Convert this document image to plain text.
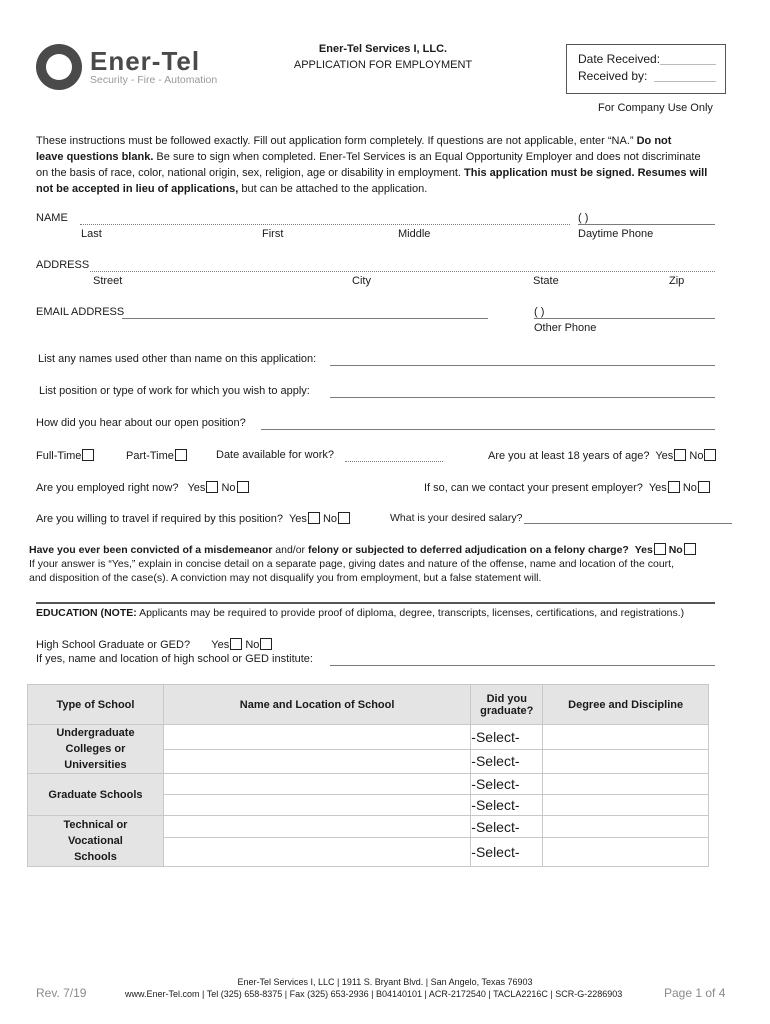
Ener-Tel
Security - Fire - Automation
Ener-Tel Services I, LLC.
APPLICATION FOR EMPLOYMENT	Date Received:
Received by:
For Company Use Only
These instructions must be followed exactly. Fill out application form completely. If questions are not applicable, enter “NA.” Do not
leave questions blank. Be sure to sign when completed. Ener-Tel Services is an Equal Opportunity Employer and does not discriminate
on the basis of race, color, national origin, sex, religion, age or disability in employment. This application must be signed. Resumes will
not be accepted in lieu of applications, but can be attached to the application.
NAME	( )
Last	First	Middle	Daytime Phone
ADDRESS
Street	City	State	Zip
EMAIL ADDRESS	( )
Other Phone
List any names used other than name on this application:
List position or type of work for which you wish to apply:
How did you hear about our open position?
Full-Time	Part-Time	Date available for work?	Are you at least 18 years of age? Yes No
Are you employed right now? Yes No	If so, can we contact your present employer? Yes No
Are you willing to travel if required by this position? Yes No	What is your desired salary?
Have you ever been convicted of a misdemeanor and/or felony or subjected to deferred adjudication on a felony charge? Yes No
If your answer is “Yes,” explain in concise detail on a separate page, giving dates and nature of the offense, name and location of the court,
and disposition of the case(s). A conviction may not disqualify you from employment, but a false statement will.
EDUCATION (NOTE: Applicants may be required to provide proof of diploma, degree, transcripts, licenses, certifications, and registrations.)
High School Graduate or GED? Yes No
If yes, name and location of high school or GED institute:
Type of School	Name and Location of School	Did you graduate?	Degree and Discipline
Undergraduate Colleges or Universities		-Select-	
		-Select-	
Graduate Schools		-Select-	
		-Select-	
Technical or Vocational Schools		-Select-	
		-Select-	
Rev. 7/19
Ener-Tel Services I, LLC | 1911 S. Bryant Blvd. | San Angelo, Texas 76903
www.Ener-Tel.com | Tel (325) 658-8375 | Fax (325) 653-2936 | B04140101 | ACR-2172540 | TACLA2216C | SCR-G-2286903	Page 1 of 4
